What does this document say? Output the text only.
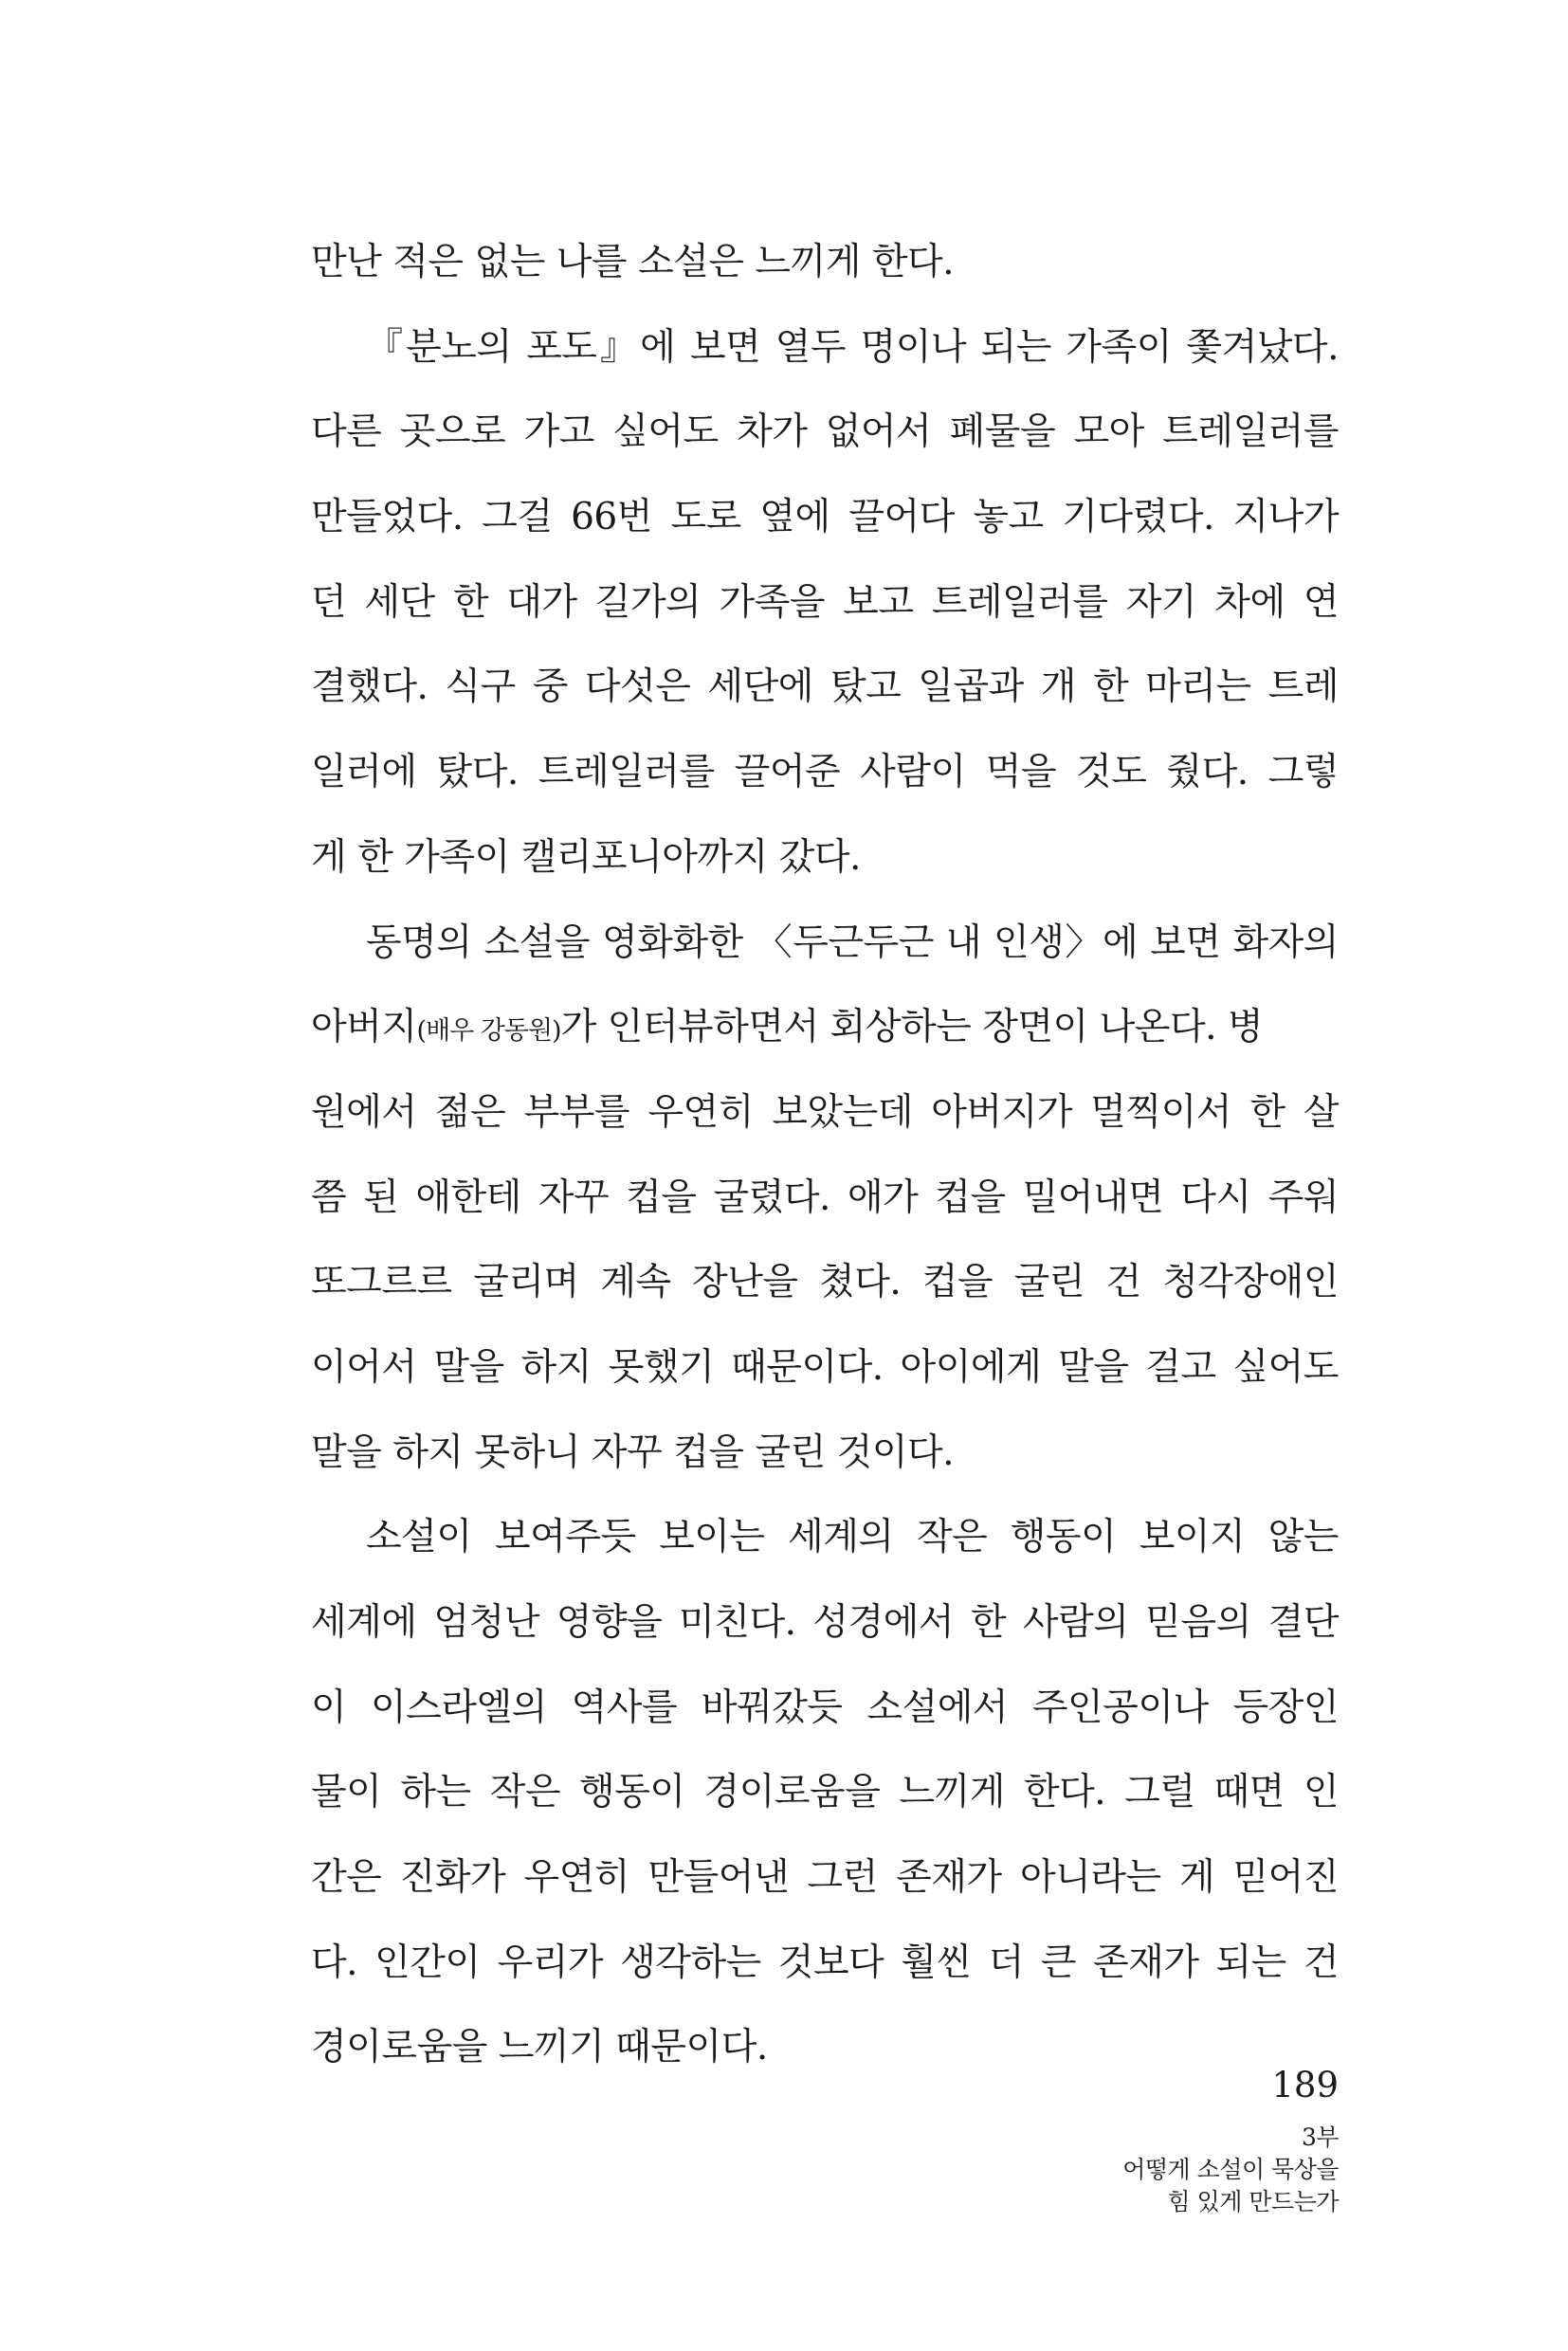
만난 적은 없는 나를 소설은 느끼게 한다.
『분노의 포도』에 보면 열두 명이나 되는 가족이 쫓겨났다.
다른 곳으로 가고 싶어도 차가 없어서 폐물을 모아 트레일러를
만들었다. 그걸 66번 도로 옆에 끌어다 놓고 기다렸다. 지나가
던 세단 한 대가 길가의 가족을 보고 트레일러를 자기 차에 연
결했다. 식구 중 다섯은 세단에 탔고 일곱과 개 한 마리는 트레
일러에 탔다. 트레일러를 끌어준 사람이 먹을 것도 줬다. 그렇
게 한 가족이 캘리포니아까지 갔다.
동명의 소설을 영화화한 〈두근두근 내 인생〉에 보면 화자의
아버지(배우 강동원)가 인터뷰하면서 회상하는 장면이 나온다. 병
원에서 젊은 부부를 우연히 보았는데 아버지가 멀찍이서 한 살
쯤 된 애한테 자꾸 컵을 굴렸다. 애가 컵을 밀어내면 다시 주워
또그르르 굴리며 계속 장난을 쳤다. 컵을 굴린 건 청각장애인
이어서 말을 하지 못했기 때문이다. 아이에게 말을 걸고 싶어도
말을 하지 못하니 자꾸 컵을 굴린 것이다.
소설이 보여주듯 보이는 세계의 작은 행동이 보이지 않는
세계에 엄청난 영향을 미친다. 성경에서 한 사람의 믿음의 결단
이 이스라엘의 역사를 바꿔갔듯 소설에서 주인공이나 등장인
물이 하는 작은 행동이 경이로움을 느끼게 한다. 그럴 때면 인
간은 진화가 우연히 만들어낸 그런 존재가 아니라는 게 믿어진
다. 인간이 우리가 생각하는 것보다 훨씬 더 큰 존재가 되는 건
경이로움을 느끼기 때문이다.
189
3부
어떻게 소설이 묵상을
힘 있게 만드는가
